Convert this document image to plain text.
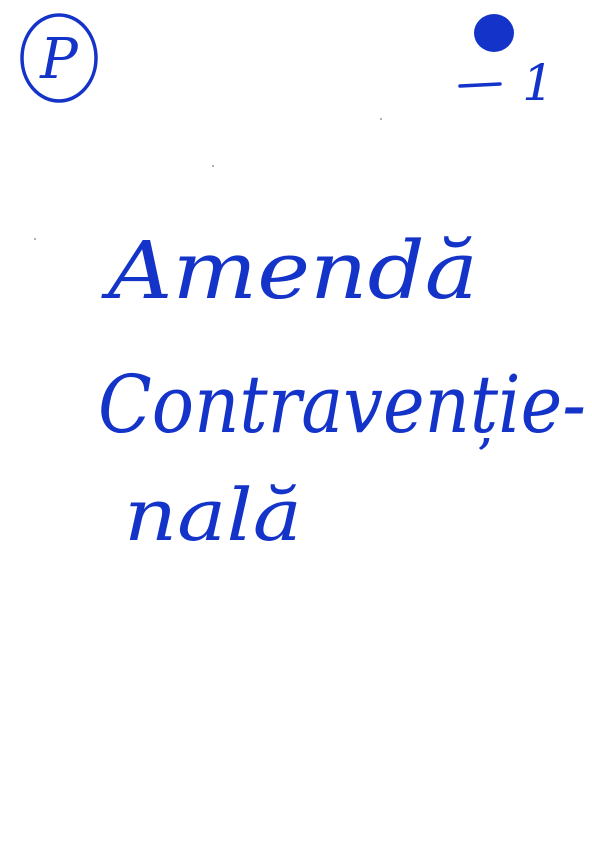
P	1
Amendă
Contravenție-
nală
